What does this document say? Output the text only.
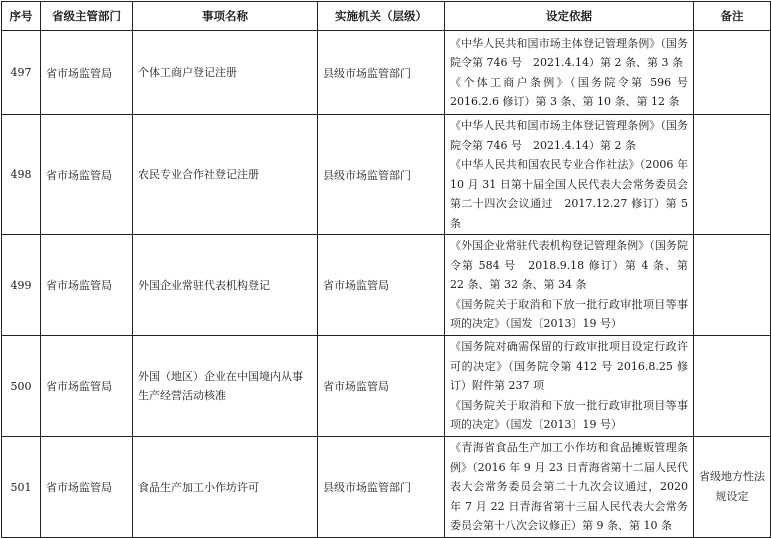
序号	省级主管部门	事项名称	实施机关（层级）	设定依据	备注
497	省市场监管局	个体工商户登记注册	县级市场监管部门	《中华人民共和国市场主体登记管理条例》（国务院令第 746 号　2021.4.14）第 2 条、第 3 条
《个体工商户条例》（国务院令第 596 号 2016.2.6 修订）第 3 条、第 10 条、第 12 条	

498	省市场监管局	农民专业合作社登记注册	县级市场监管部门	《中华人民共和国市场主体登记管理条例》（国务院令第 746 号　2021.4.14）第 2 条
《中华人民共和国农民专业合作社法》（2006 年 10 月 31 日第十届全国人民代表大会常务委员会第二十四次会议通过　2017.12.27 修订）第 5 条	

499	省市场监管局	外国企业常驻代表机构登记	省市场监管局	《外国企业常驻代表机构登记管理条例》（国务院令第 584 号　2018.9.18 修订）第 4 条、第 22 条、第 32 条、第 34 条
《国务院关于取消和下放一批行政审批项目等事项的决定》（国发〔2013〕19 号）	

500	省市场监管局	外国（地区）企业在中国境内从事生产经营活动核准	省市场监管局	《国务院对确需保留的行政审批项目设定行政许可的决定》（国务院令第 412 号 2016.8.25 修订）附件第 237 项
《国务院关于取消和下放一批行政审批项目等事项的决定》（国发〔2013〕19 号）	

501	省市场监管局	食品生产加工小作坊许可	县级市场监管部门	《青海省食品生产加工小作坊和食品摊贩管理条例》（2016 年 9 月 23 日青海省第十二届人民代表大会常务委员会第二十九次会议通过，2020 年 7 月 22 日青海省第十三届人民代表大会常务委员会第十八次会议修正）第 9 条、第 10 条	省级地方性法规设定
